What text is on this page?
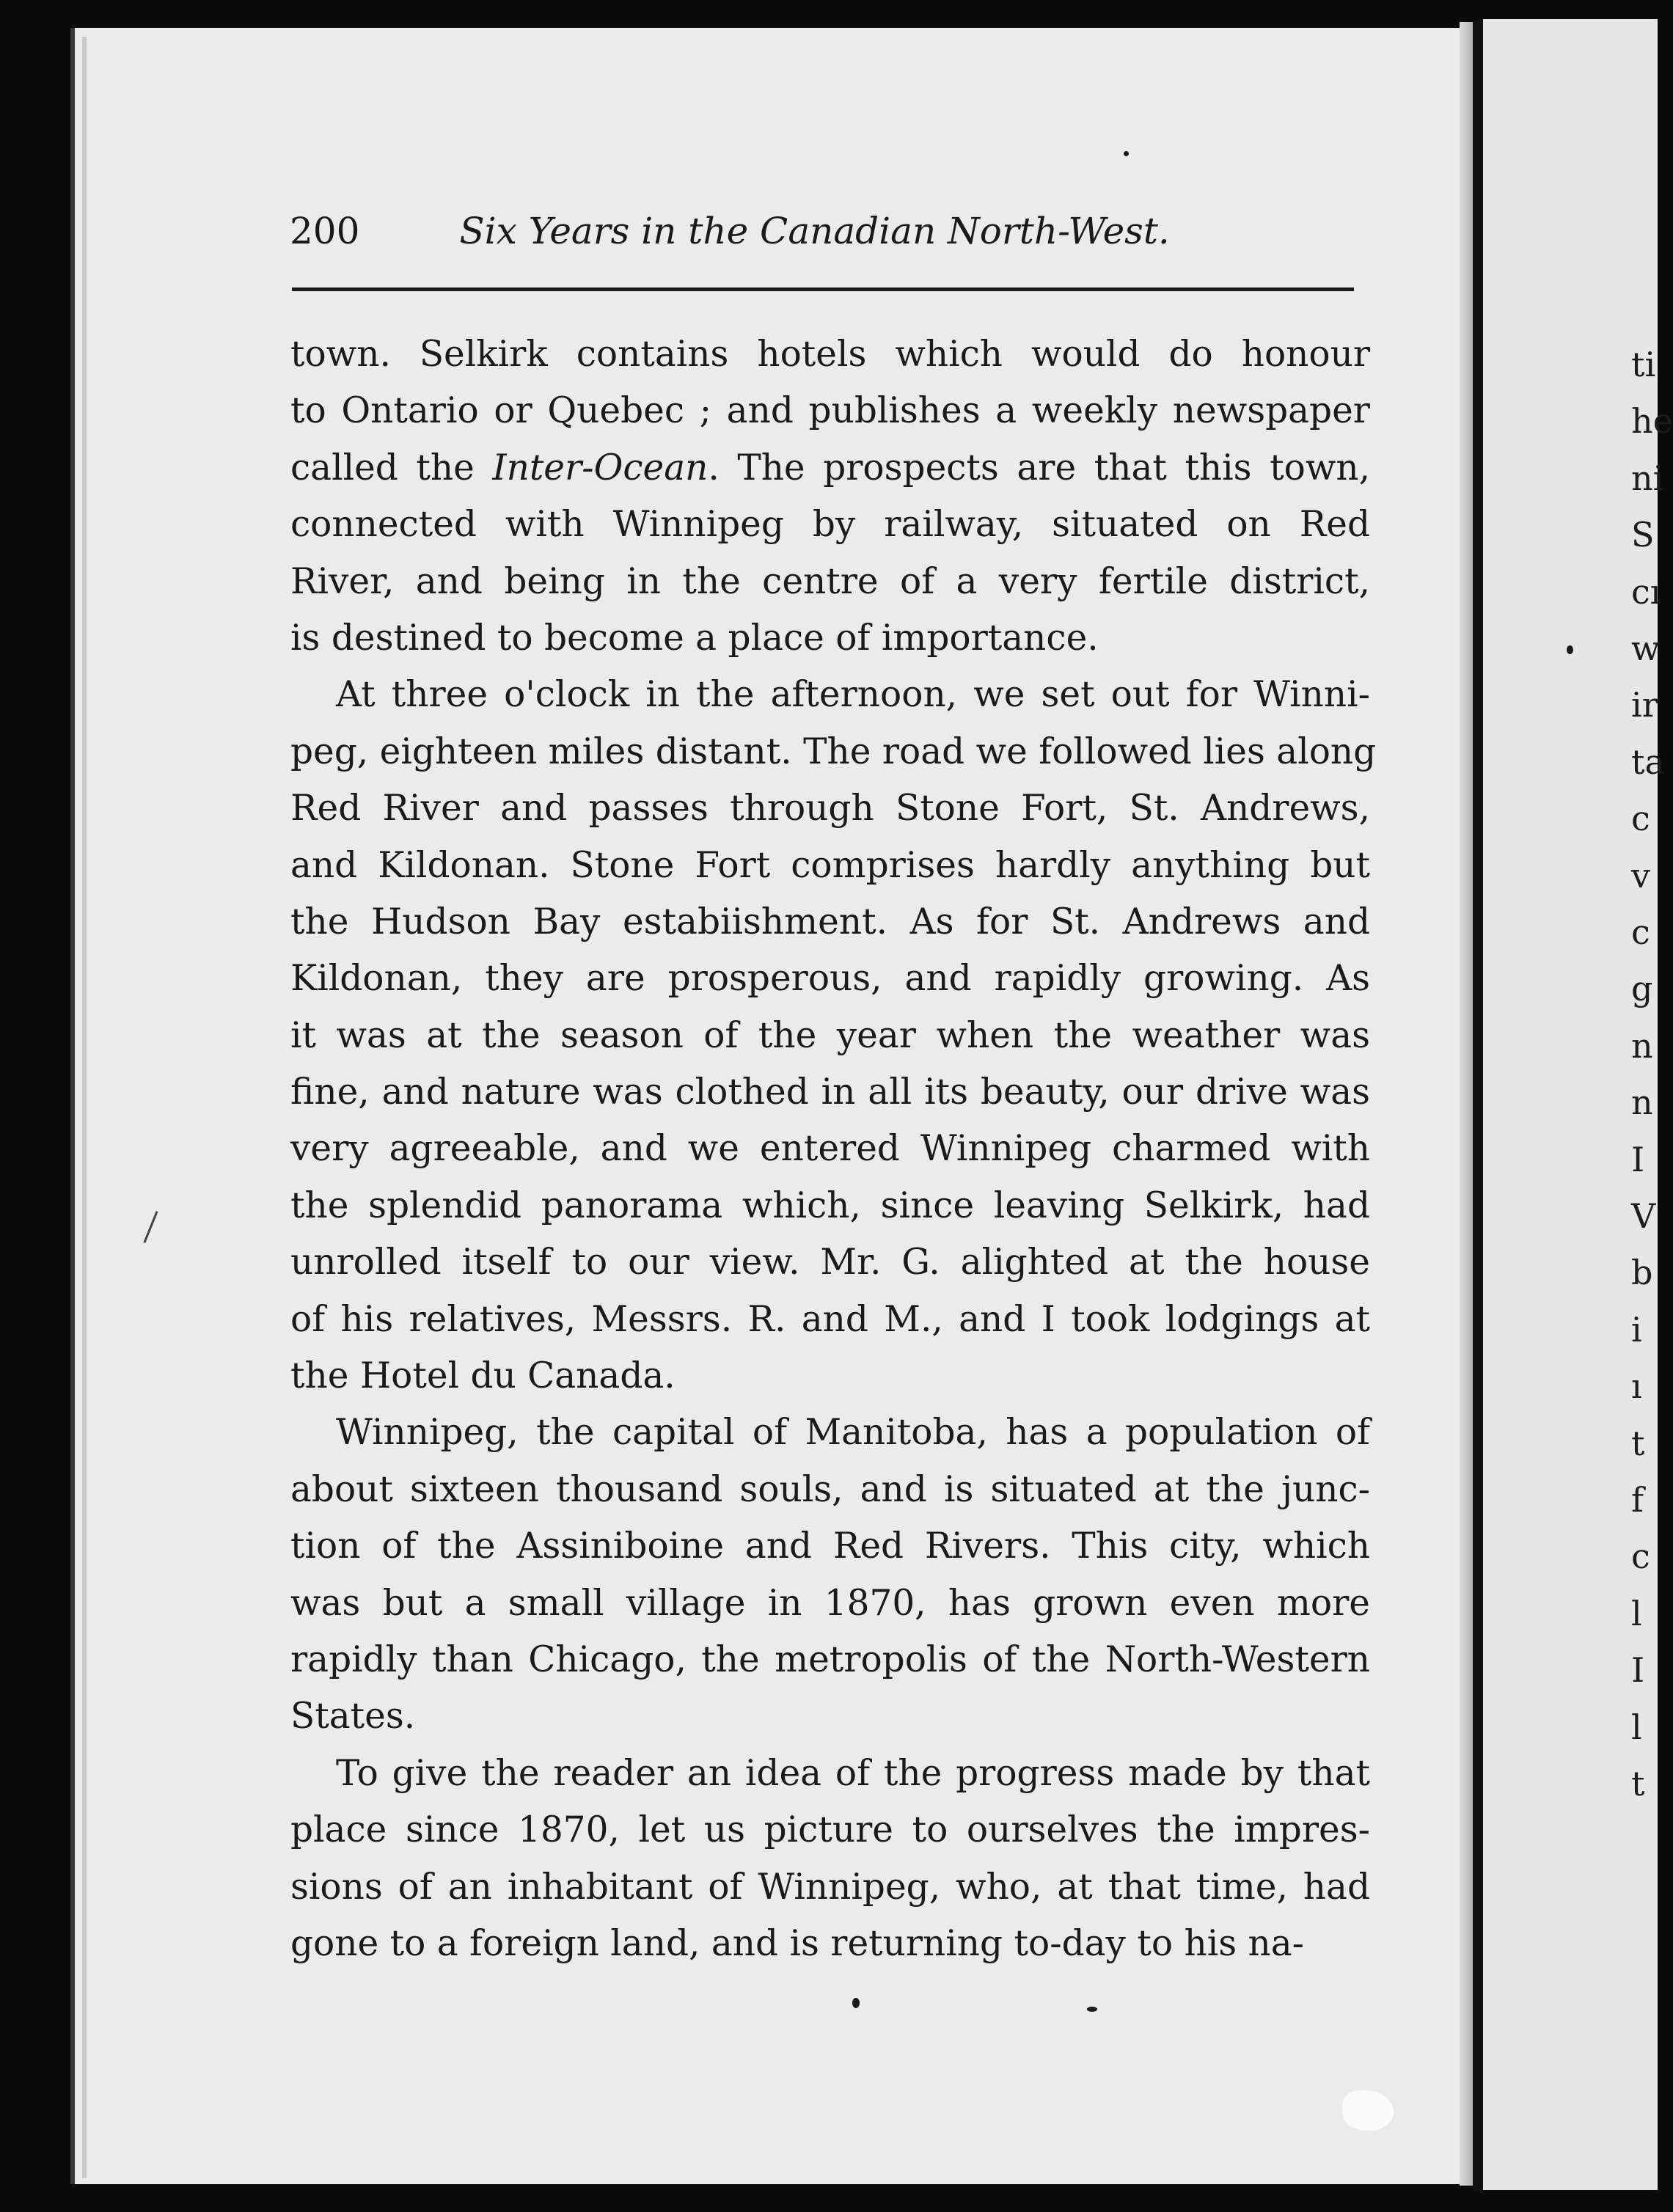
ti
he
ni
S
cı
w
ir
ta
c
v
c
g
n
n
I
V
b
i
ı
t
f
c
l
I
l
t
200	Six Years in the Canadian North-West.
town. Selkirk contains hotels which would do honour
to Ontario or Quebec ; and publishes a weekly newspaper
called the Inter-Ocean. The prospects are that this town,
connected with Winnipeg by railway, situated on Red
River, and being in the centre of a very fertile district,
is destined to become a place of importance.
At three o'clock in the afternoon, we set out for Winni-
peg, eighteen miles distant. The road we followed lies along
Red River and passes through Stone Fort, St. Andrews,
and Kildonan. Stone Fort comprises hardly anything but
the Hudson Bay estabiishment. As for St. Andrews and
Kildonan, they are prosperous, and rapidly growing. As
it was at the season of the year when the weather was
fine, and nature was clothed in all its beauty, our drive was
very agreeable, and we entered Winnipeg charmed with
the splendid panorama which, since leaving Selkirk, had
unrolled itself to our view. Mr. G. alighted at the house
of his relatives, Messrs. R. and M., and I took lodgings at
the Hotel du Canada.
Winnipeg, the capital of Manitoba, has a population of
about sixteen thousand souls, and is situated at the junc-
tion of the Assiniboine and Red Rivers. This city, which
was but a small village in 1870, has grown even more
rapidly than Chicago, the metropolis of the North-Western
States.
To give the reader an idea of the progress made by that
place since 1870, let us picture to ourselves the impres-
sions of an inhabitant of Winnipeg, who, at that time, had
gone to a foreign land, and is returning to-day to his na-
